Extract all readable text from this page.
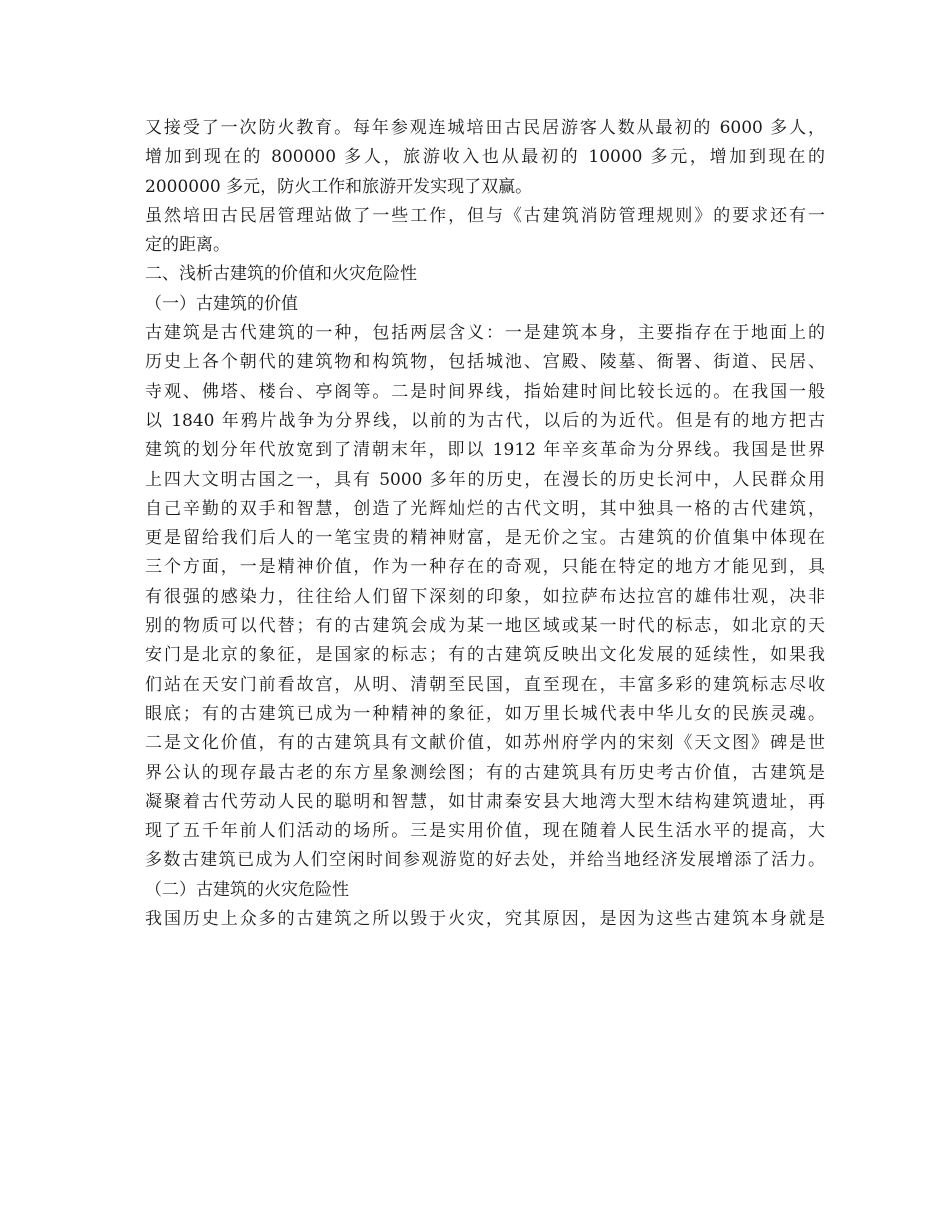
又接受了一次防火教育。每年参观连城培田古民居游客人数从最初的 6000 多人，
增加到现在的 800000 多人，旅游收入也从最初的 10000 多元，增加到现在的
2000000 多元，防火工作和旅游开发实现了双赢。
虽然培田古民居管理站做了一些工作，但与《古建筑消防管理规则》的要求还有一
定的距离。
二、浅析古建筑的价值和火灾危险性
（一）古建筑的价值
古建筑是古代建筑的一种，包括两层含义：一是建筑本身，主要指存在于地面上的
历史上各个朝代的建筑物和构筑物，包括城池、宫殿、陵墓、衙署、街道、民居、
寺观、佛塔、楼台、亭阁等。二是时间界线，指始建时间比较长远的。在我国一般
以 1840 年鸦片战争为分界线，以前的为古代，以后的为近代。但是有的地方把古
建筑的划分年代放宽到了清朝末年，即以 1912 年辛亥革命为分界线。我国是世界
上四大文明古国之一，具有 5000 多年的历史，在漫长的历史长河中，人民群众用
自己辛勤的双手和智慧，创造了光辉灿烂的古代文明，其中独具一格的古代建筑，
更是留给我们后人的一笔宝贵的精神财富，是无价之宝。古建筑的价值集中体现在
三个方面，一是精神价值，作为一种存在的奇观，只能在特定的地方才能见到，具
有很强的感染力，往往给人们留下深刻的印象，如拉萨布达拉宫的雄伟壮观，决非
别的物质可以代替；有的古建筑会成为某一地区域或某一时代的标志，如北京的天
安门是北京的象征，是国家的标志；有的古建筑反映出文化发展的延续性，如果我
们站在天安门前看故宫，从明、清朝至民国，直至现在，丰富多彩的建筑标志尽收
眼底；有的古建筑已成为一种精神的象征，如万里长城代表中华儿女的民族灵魂。
二是文化价值，有的古建筑具有文献价值，如苏州府学内的宋刻《天文图》碑是世
界公认的现存最古老的东方星象测绘图；有的古建筑具有历史考古价值，古建筑是
凝聚着古代劳动人民的聪明和智慧，如甘肃秦安县大地湾大型木结构建筑遗址，再
现了五千年前人们活动的场所。三是实用价值，现在随着人民生活水平的提高，大
多数古建筑已成为人们空闲时间参观游览的好去处，并给当地经济发展增添了活力。
（二）古建筑的火灾危险性
我国历史上众多的古建筑之所以毁于火灾，究其原因，是因为这些古建筑本身就是
